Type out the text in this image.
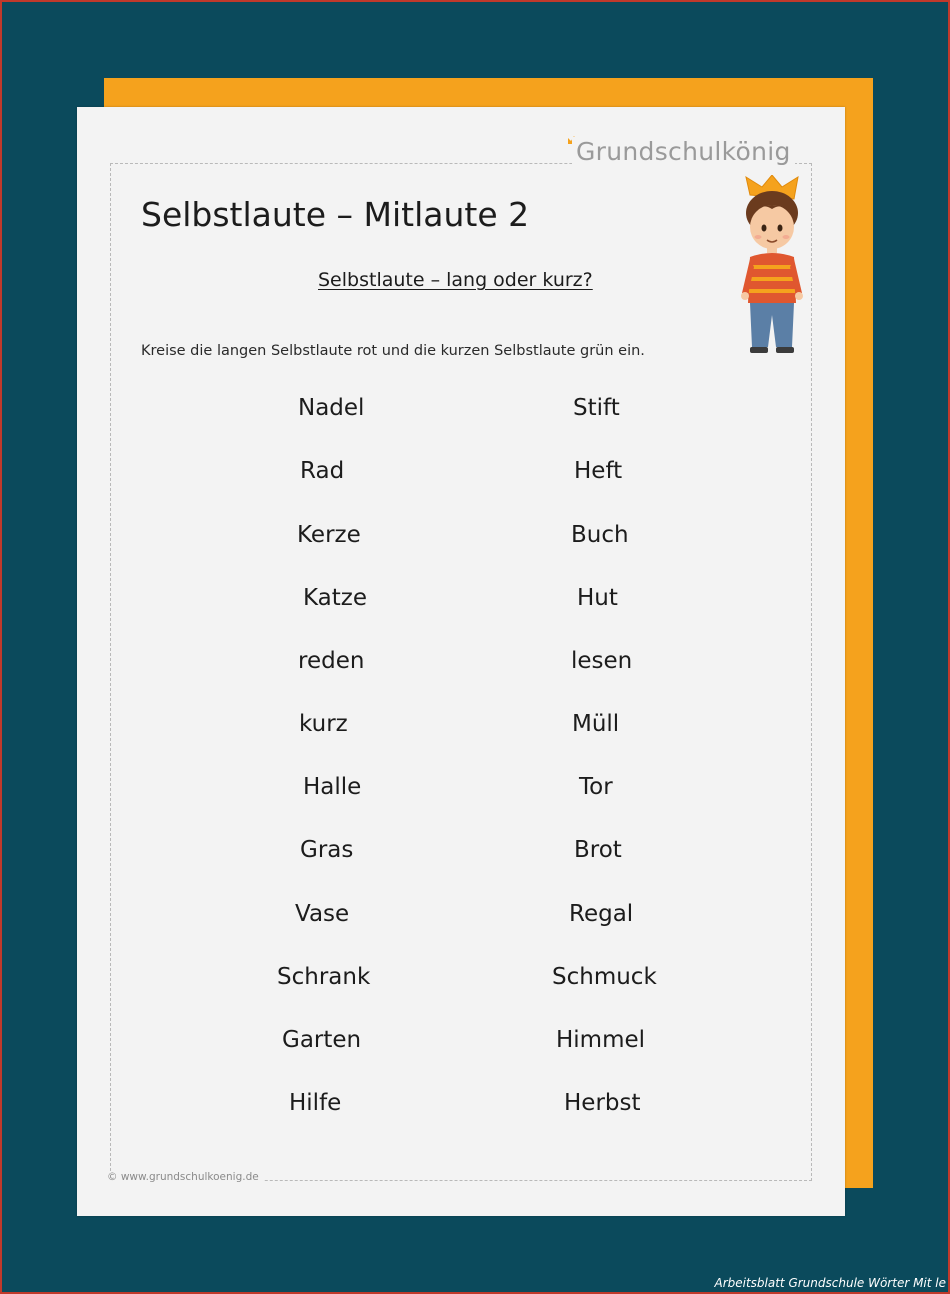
Grundschulkönig
Selbstlaute – Mitlaute 2
Selbstlaute – lang oder kurz?
Kreise die langen Selbstlaute rot und die kurzen Selbstlaute grün ein.
Nadel
Rad
Kerze
Katze
reden
kurz
Halle
Gras
Vase
Schrank
Garten
Hilfe
Stift
Heft
Buch
Hut
lesen
Müll
Tor
Brot
Regal
Schmuck
Himmel
Herbst
© www.grundschulkoenig.de
Arbeitsblatt Grundschule Wörter Mit le
